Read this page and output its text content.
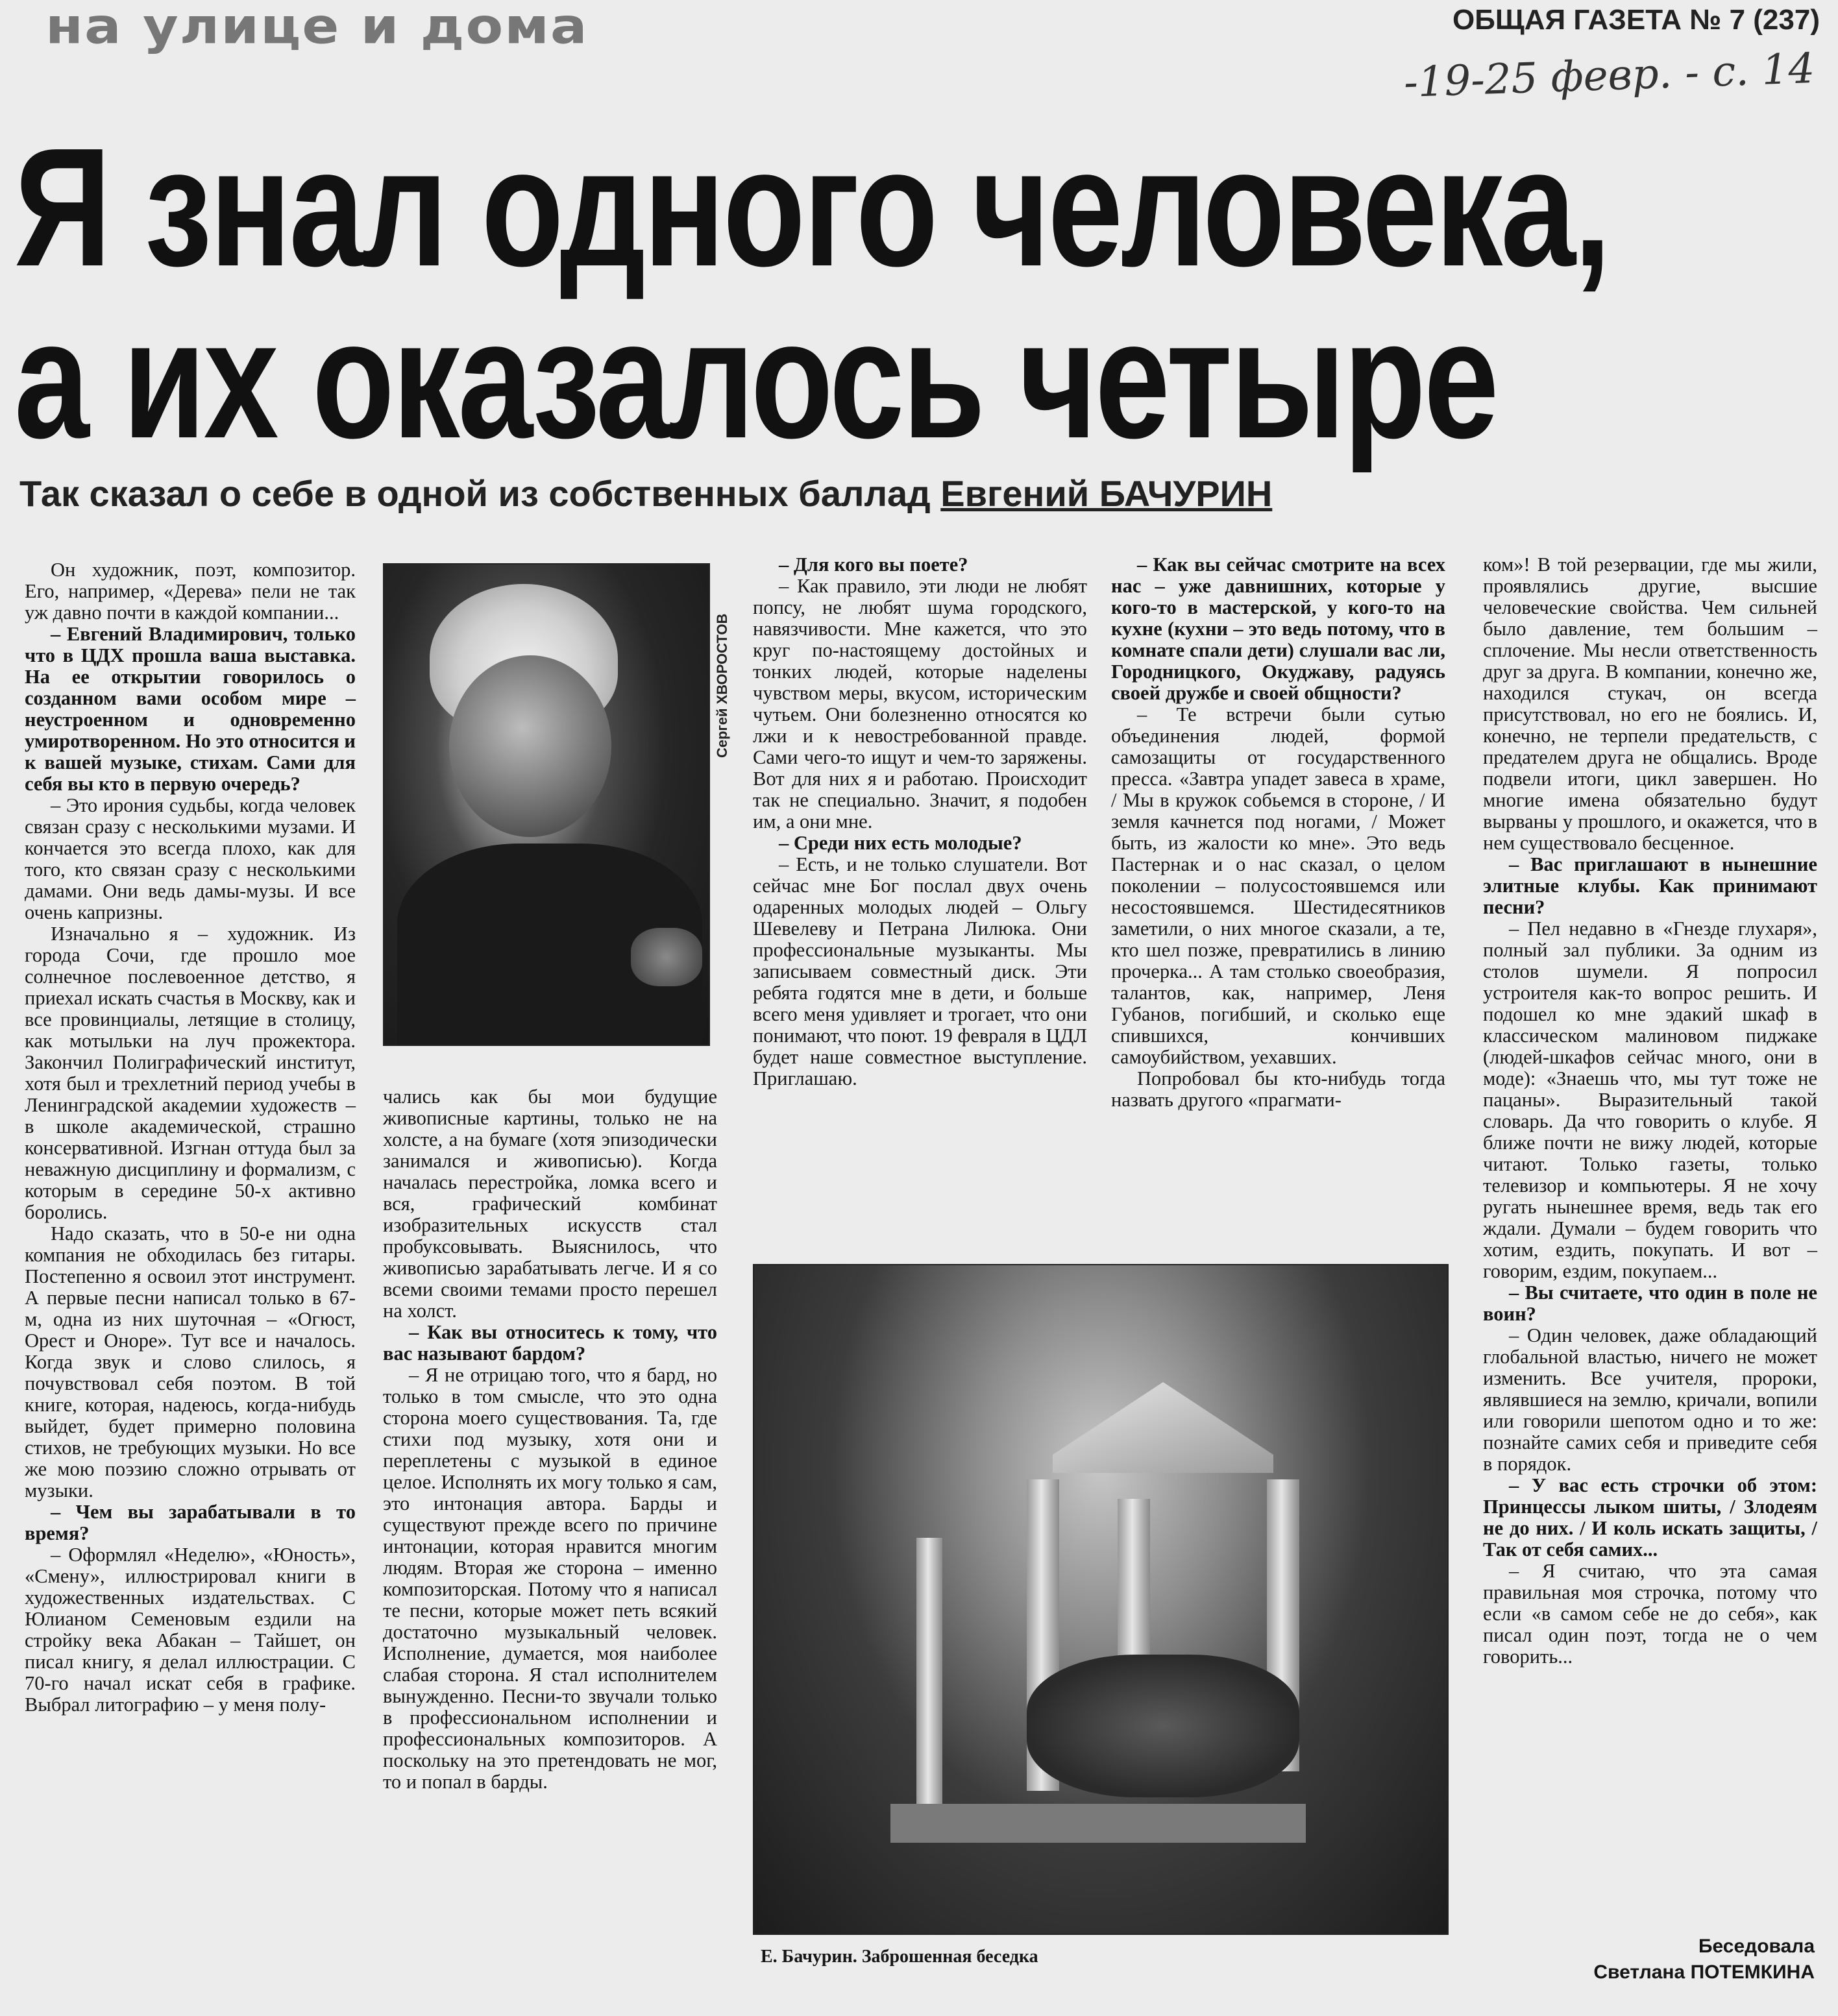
на улице и дома	ОБЩАЯ ГАЗЕТА № 7 (237)
-19-25 февр. - с. 14
Я знал одного человека,
а их оказалось четыре
Так сказал о себе в одной из собственных баллад Евгений БАЧУРИН
Сергей ХВОРОСТОВ

Он художник, поэт, композитор. Его, например, «Дерева» пели не так уж давно почти в каждой компании...

– Евгений Владимирович, только что в ЦДХ прошла ваша выставка. На ее открытии говорилось о созданном вами особом мире – неустроенном и одновременно умиротворенном. Но это относится и к вашей музыке, стихам. Сами для себя вы кто в первую очередь?

– Это ирония судьбы, когда человек связан сразу с несколькими музами. И кончается это всегда плохо, как для того, кто связан сразу с несколькими дамами. Они ведь дамы-музы. И все очень капризны.

Изначально я – художник. Из города Сочи, где прошло мое солнечное послевоенное детство, я приехал искать счастья в Москву, как и все провинциалы, летящие в столицу, как мотыльки на луч прожектора. Закончил Полиграфический институт, хотя был и трехлетний период учебы в Ленинградской академии художеств – в школе академической, страшно консервативной. Изгнан оттуда был за неважную дисциплину и формализм, с которым в середине 50-х активно боролись.

Надо сказать, что в 50-е ни одна компания не обходилась без гитары. Постепенно я освоил этот инструмент. А первые песни написал только в 67-м, одна из них шуточная – «Огюст, Орест и Оноре». Тут все и началось. Когда звук и слово слилось, я почувствовал себя поэтом. В той книге, которая, надеюсь, когда-нибудь выйдет, будет примерно половина стихов, не требующих музыки. Но все же мою поэзию сложно отрывать от музыки.

– Чем вы зарабатывали в то время?

– Оформлял «Неделю», «Юность», «Смену», иллюстрировал книги в художественных издательствах. С Юлианом Семеновым ездили на стройку века Абакан – Тайшет, он писал книгу, я делал иллюстрации. С 70-го начал искат себя в графике. Выбрал литографию – у меня полу-

чались как бы мои будущие живописные картины, только не на холсте, а на бумаге (хотя эпизодически занимался и живописью). Когда началась перестройка, ломка всего и вся, графический комбинат изобразительных искусств стал пробуксовывать. Выяснилось, что живописью зарабатывать легче. И я со всеми своими темами просто перешел на холст.

– Как вы относитесь к тому, что вас называют бардом?

– Я не отрицаю того, что я бард, но только в том смысле, что это одна сторона моего существования. Та, где стихи под музыку, хотя они и переплетены с музыкой в единое целое. Исполнять их могу только я сам, это интонация автора. Барды и существуют прежде всего по причине интонации, которая нравится многим людям. Вторая же сторона – именно композиторская. Потому что я написал те песни, которые может петь всякий достаточно музыкальный человек. Исполнение, думается, моя наиболее слабая сторона. Я стал исполнителем вынужденно. Песни-то звучали только в профессиональном исполнении и профессиональных композиторов. А поскольку на это претендовать не мог, то и попал в барды.

– Для кого вы поете?

– Как правило, эти люди не любят попсу, не любят шума городского, навязчивости. Мне кажется, что это круг по-настоящему достойных и тонких людей, которые наделены чувством меры, вкусом, историческим чутьем. Они болезненно относятся ко лжи и к невостребованной правде. Сами чего-то ищут и чем-то заряжены. Вот для них я и работаю. Происходит так не специально. Значит, я подобен им, а они мне.

– Среди них есть молодые?

– Есть, и не только слушатели. Вот сейчас мне Бог послал двух очень одаренных молодых людей – Ольгу Шевелеву и Петрана Лилюка. Они профессиональные музыканты. Мы записываем совместный диск. Эти ребята годятся мне в дети, и больше всего меня удивляет и трогает, что они понимают, что поют. 19 февраля в ЦДЛ будет наше совместное выступление. Приглашаю.

– Как вы сейчас смотрите на всех нас – уже давнишних, которые у кого-то в мастерской, у кого-то на кухне (кухни – это ведь потому, что в комнате спали дети) слушали вас ли, Городницкого, Окуджаву, радуясь своей дружбе и своей общности?

– Те встречи были сутью объединения людей, формой самозащиты от государственного пресса. «Завтра упадет завеса в храме, / Мы в кружок собьемся в стороне, / И земля качнется под ногами, / Может быть, из жалости ко мне». Это ведь Пастернак и о нас сказал, о целом поколении – полусостоявшемся или несостоявшемся. Шестидесятников заметили, о них многое сказали, а те, кто шел позже, превратились в линию прочерка... А там столько своеобразия, талантов, как, например, Леня Губанов, погибший, и сколько еще спившихся, кончивших самоубийством, уехавших.

Попробовал бы кто-нибудь тогда назвать другого «прагмати-

ком»! В той резервации, где мы жили, проявлялись другие, высшие человеческие свойства. Чем сильней было давление, тем большим – сплочение. Мы несли ответственность друг за друга. В компании, конечно же, находился стукач, он всегда присутствовал, но его не боялись. И, конечно, не терпели предательств, с предателем друга не общались. Вроде подвели итоги, цикл завершен. Но многие имена обязательно будут вырваны у прошлого, и окажется, что в нем существовало бесценное.

– Вас приглашают в нынешние элитные клубы. Как принимают песни?

– Пел недавно в «Гнезде глухаря», полный зал публики. За одним из столов шумели. Я попросил устроителя как-то вопрос решить. И подошел ко мне эдакий шкаф в классическом малиновом пиджаке (людей-шкафов сейчас много, они в моде): «Знаешь что, мы тут тоже не пацаны». Выразительный такой словарь. Да что говорить о клубе. Я ближе почти не вижу людей, которые читают. Только газеты, только телевизор и компьютеры. Я не хочу ругать нынешнее время, ведь так его ждали. Думали – будем говорить что хотим, ездить, покупать. И вот – говорим, ездим, покупаем...

– Вы считаете, что один в поле не воин?

– Один человек, даже обладающий глобальной властью, ничего не может изменить. Все учителя, пророки, являвшиеся на землю, кричали, вопили или говорили шепотом одно и то же: познайте самих себя и приведите себя в порядок.

– У вас есть строчки об этом: Принцессы лыком шиты, / Злодеям не до них. / И коль искать защиты, / Так от себя самих...

– Я считаю, что эта самая правильная моя строчка, потому что если «в самом себе не до себя», как писал один поэт, тогда не о чем говорить...

Е. Бачурин. Заброшенная беседка	Беседовала
Светлана ПОТЕМКИНА
